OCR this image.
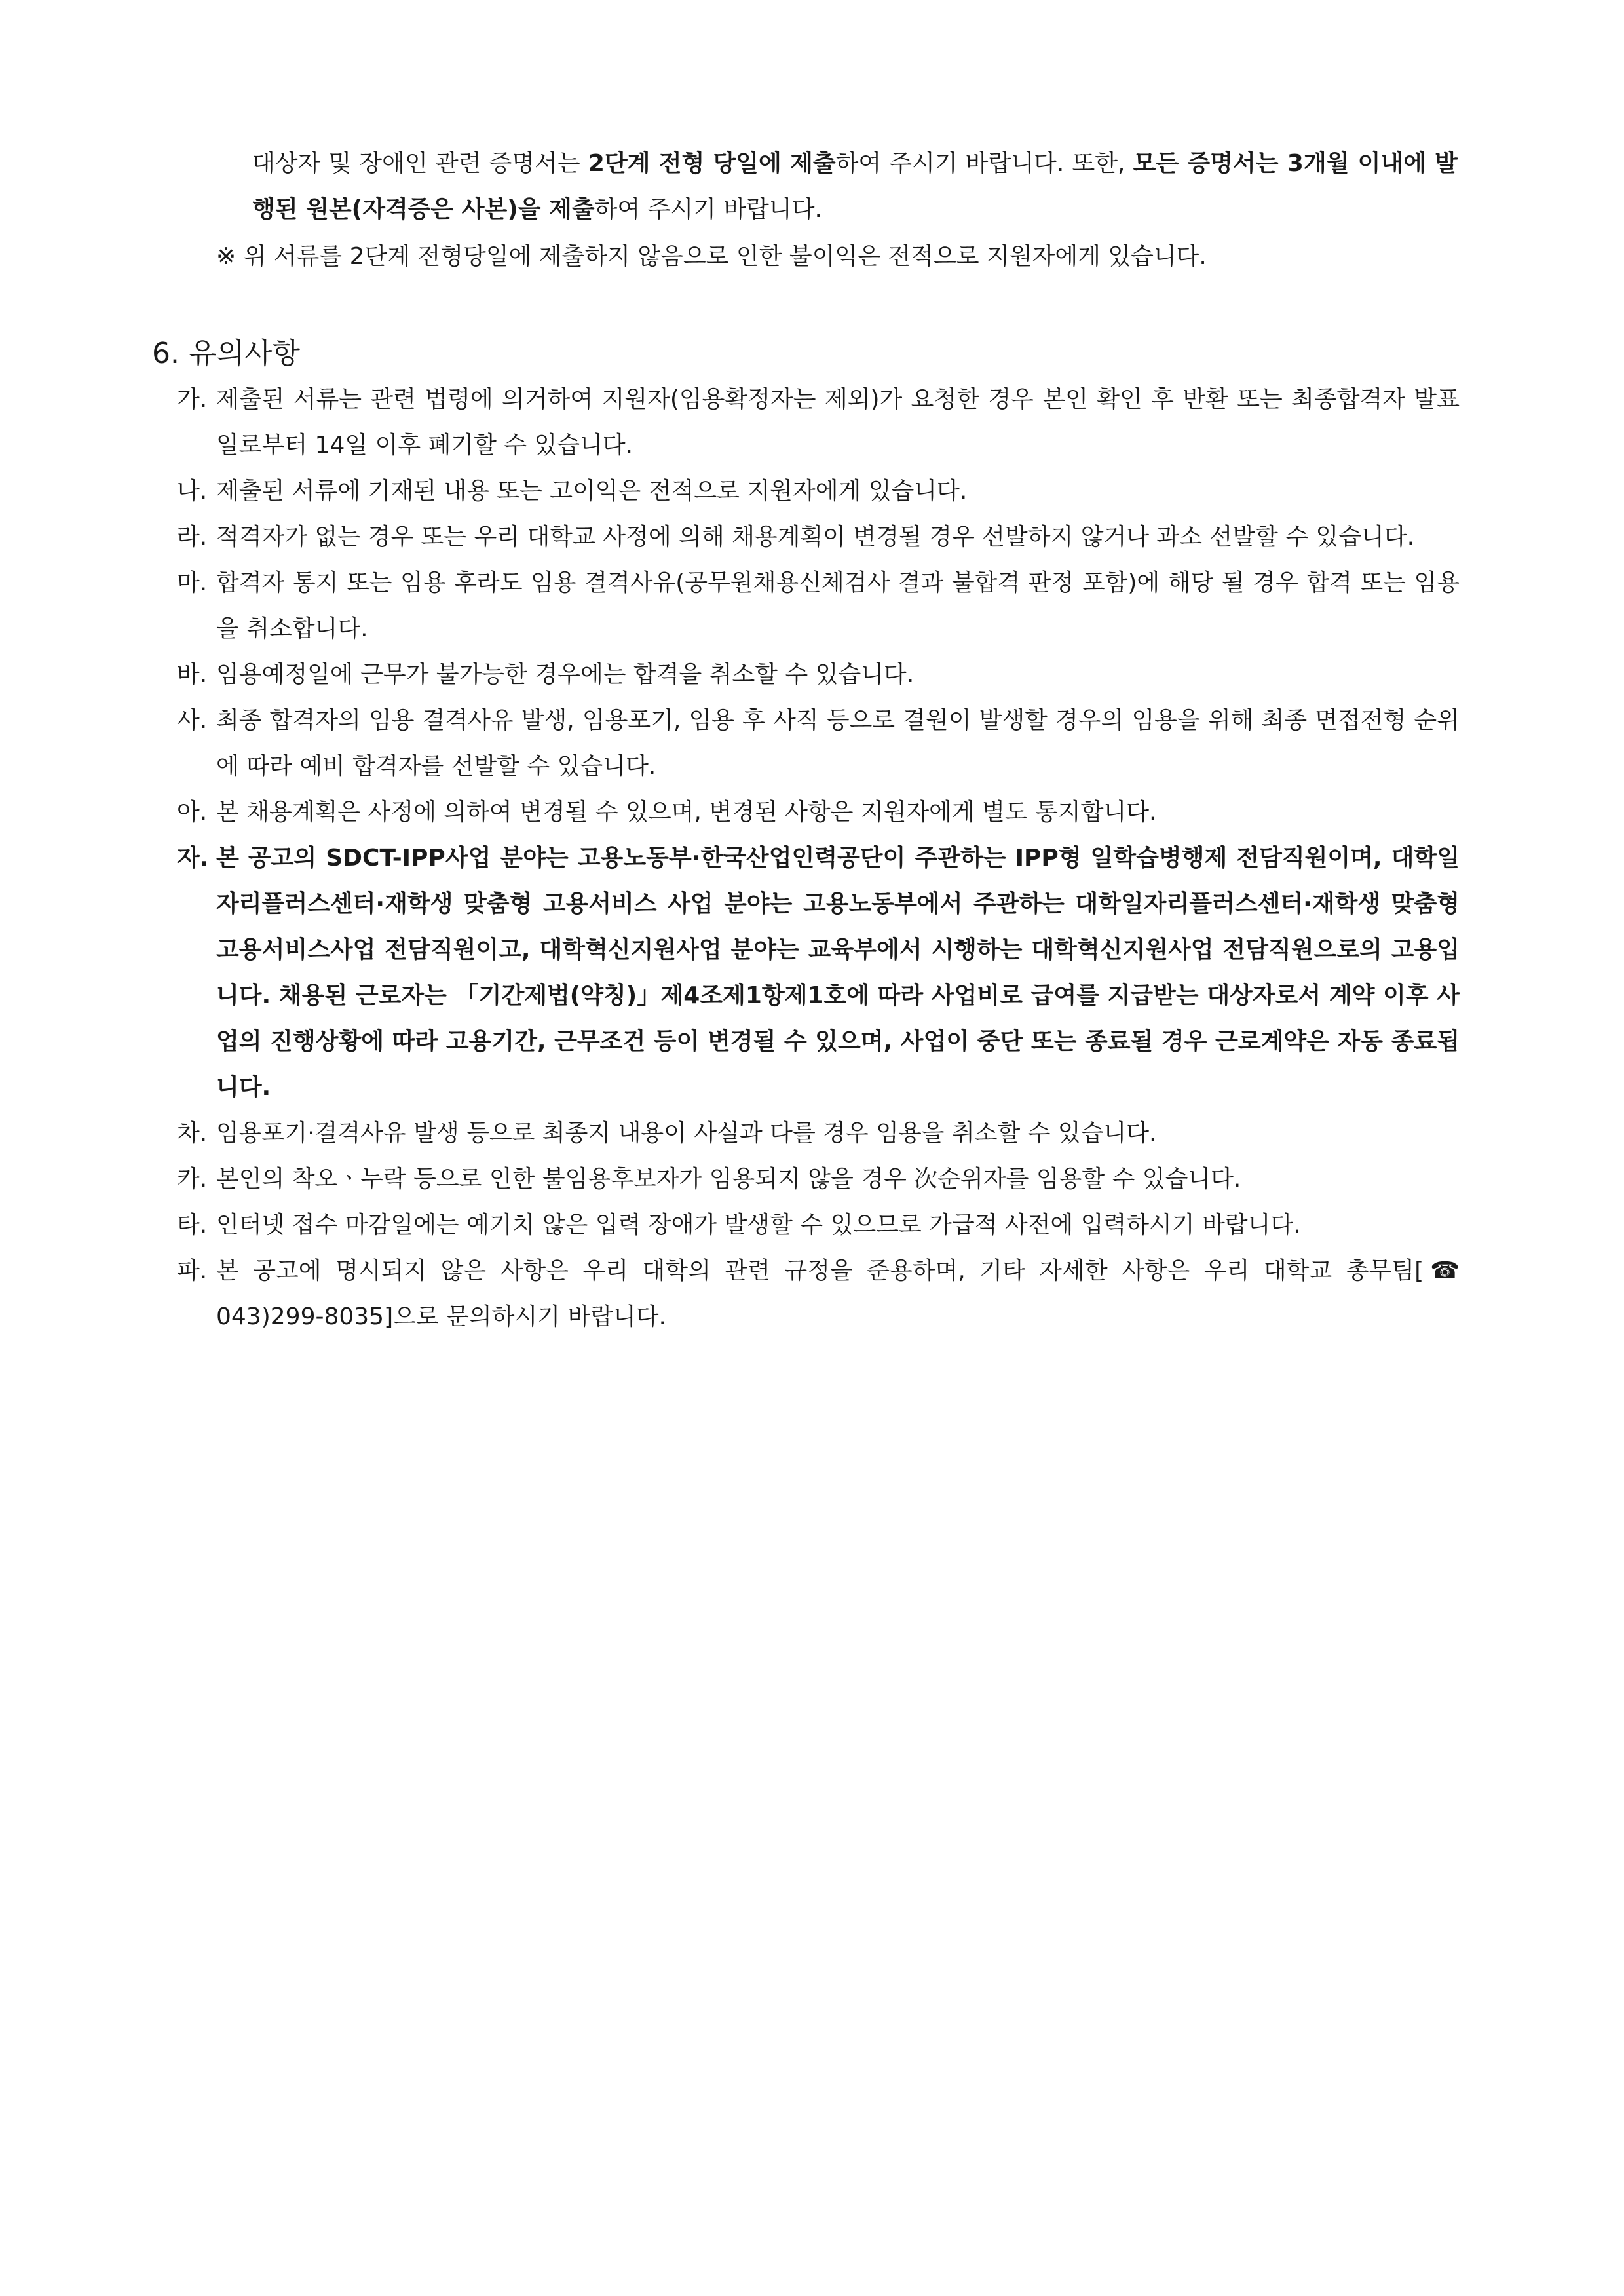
대상자 및 장애인 관련 증명서는 2단계 전형 당일에 제출하여 주시기 바랍니다. 또한, 모든 증명서는 3개월 이내에 발행된 원본(자격증은 사본)을 제출하여 주시기 바랍니다.
※ 위 서류를 2단계 전형당일에 제출하지 않음으로 인한 불이익은 전적으로 지원자에게 있습니다.
6. 유의사항
가. 제출된 서류는 관련 법령에 의거하여 지원자(임용확정자는 제외)가 요청한 경우 본인 확인 후 반환 또는 최종합격자 발표일로부터 14일 이후 폐기할 수 있습니다.
나. 제출된 서류에 기재된 내용 또는 고이익은 전적으로 지원자에게 있습니다.
라. 적격자가 없는 경우 또는 우리 대학교 사정에 의해 채용계획이 변경될 경우 선발하지 않거나 과소 선발할 수 있습니다.
마. 합격자 통지 또는 임용 후라도 임용 결격사유(공무원채용신체검사 결과 불합격 판정 포함)에 해당 될 경우 합격 또는 임용을 취소합니다.
바. 임용예정일에 근무가 불가능한 경우에는 합격을 취소할 수 있습니다.
사. 최종 합격자의 임용 결격사유 발생, 임용포기, 임용 후 사직 등으로 결원이 발생할 경우의 임용을 위해 최종 면접전형 순위에 따라 예비 합격자를 선발할 수 있습니다.
아. 본 채용계획은 사정에 의하여 변경될 수 있으며, 변경된 사항은 지원자에게 별도 통지합니다.
자. 본 공고의 SDCT-IPP사업 분야는 고용노동부·한국산업인력공단이 주관하는 IPP형 일학습병행제 전담직원이며, 대학일자리플러스센터·재학생 맞춤형 고용서비스 사업 분야는 고용노동부에서 주관하는 대학일자리플러스센터·재학생 맞춤형 고용서비스사업 전담직원이고, 대학혁신지원사업 분야는 교육부에서 시행하는 대학혁신지원사업 전담직원으로의 고용입니다. 채용된 근로자는 「기간제법(약칭)」제4조제1항제1호에 따라 사업비로 급여를 지급받는 대상자로서 계약 이후 사업의 진행상황에 따라 고용기간, 근무조건 등이 변경될 수 있으며, 사업이 중단 또는 종료될 경우 근로계약은 자동 종료됩니다.
차. 임용포기·결격사유 발생 등으로 최종지 내용이 사실과 다를 경우 임용을 취소할 수 있습니다.
카. 본인의 착오ㆍ누락 등으로 인한 불임용후보자가 임용되지 않을 경우 次순위자를 임용할 수 있습니다.
타. 인터넷 접수 마감일에는 예기치 않은 입력 장애가 발생할 수 있으므로 가급적 사전에 입력하시기 바랍니다.
파. 본 공고에 명시되지 않은 사항은 우리 대학의 관련 규정을 준용하며, 기타 자세한 사항은 우리 대학교 총무팀[☎ 043)299-8035]으로 문의하시기 바랍니다.
